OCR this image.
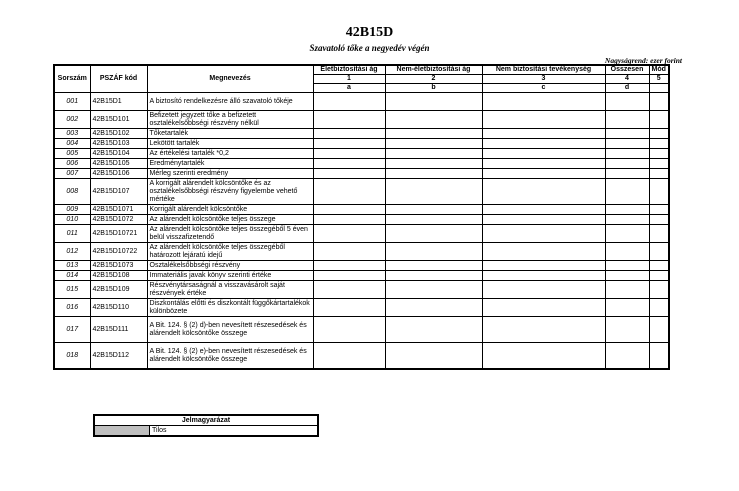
42B15D
Szavatoló tőke a negyedév végén
Nagyságrend: ezer forint
Sorszám	PSZÁF kód	Megnevezés	Életbiztosítási ág	Nem-életbiztosítási ág	Nem biztosítási tevékenység	Összesen	Mód
			1	2	3	4	5
			a	b	c	d	
001	42B15D1	A biztosító rendelkezésre álló szavatoló tőkéje					
002	42B15D101	Befizetett jegyzett tőke a befizetett osztalékelsőbbségi részvény nélkül					
003	42B15D102	Tőketartalék					
004	42B15D103	Lekötött tartalék					
005	42B15D104	Az értékelési tartalék *0,2					
006	42B15D105	Eredménytartalék					
007	42B15D106	Mérleg szerinti eredmény					
008	42B15D107	A korrigált alárendelt kölcsöntőke és az osztalékelsőbbségi részvény figyelembe vehető mértéke					
009	42B15D1071	Korrigált alárendelt kölcsöntőke					
010	42B15D1072	Az alárendelt kölcsöntőke teljes összege					
011	42B15D10721	Az alárendelt kölcsöntőke teljes összegéből 5 éven belül visszafizetendő					
012	42B15D10722	Az alárendelt kölcsöntőke teljes összegéből határozott lejáratú idejű					
013	42B15D1073	Osztalékelsőbbségi részvény					
014	42B15D108	Immateriális javak könyv szerinti értéke					
015	42B15D109	Részvénytársaságnál a visszavásárolt saját részvények értéke					
016	42B15D110	Diszkontálás előtti és diszkontált függőkártartalékok különbözete					
017	42B15D111	A Bit. 124. § (2) d)-ben nevesített részesedések és alárendelt kölcsöntőke összege					
018	42B15D112	A Bit. 124. § (2) e)-ben nevesített részesedések és alárendelt kölcsöntőke összege					
Jelmagyarázat
	Tilos
